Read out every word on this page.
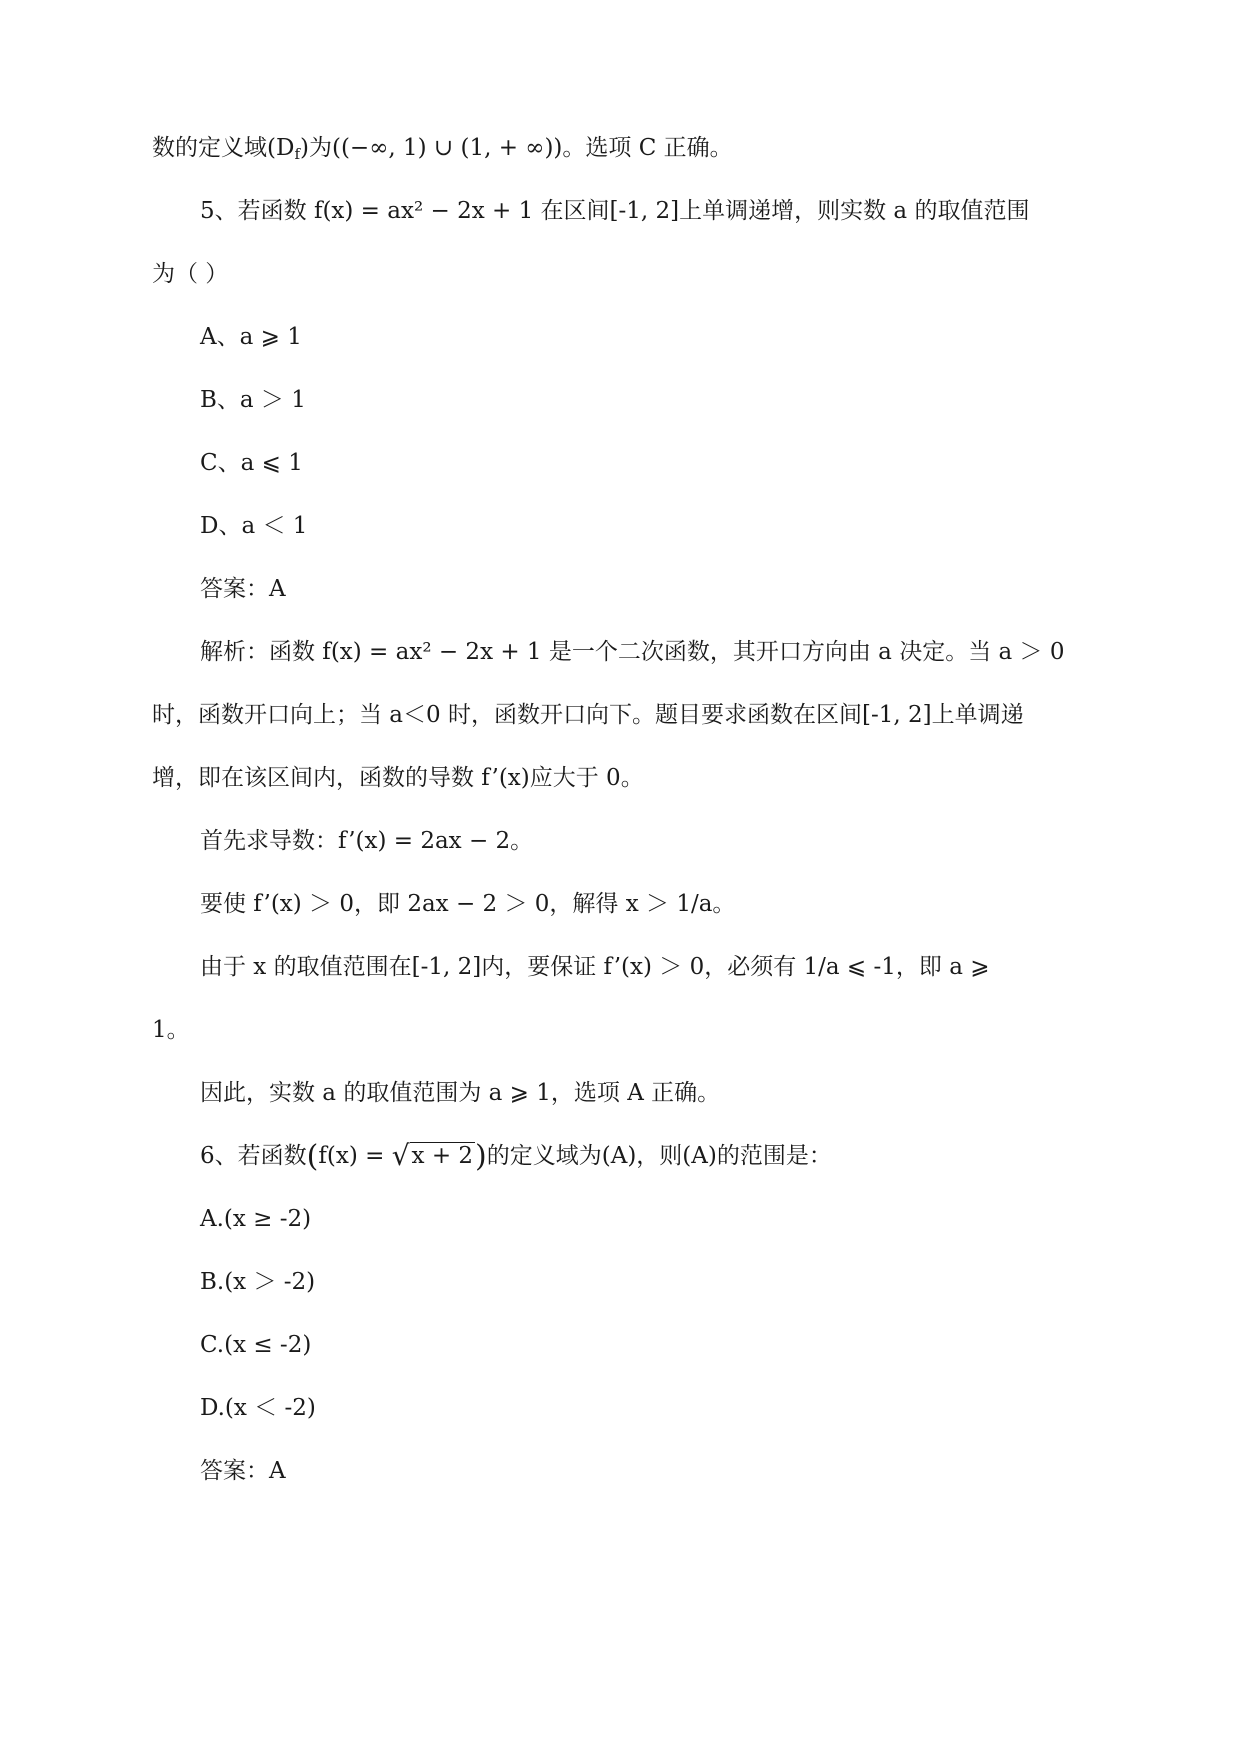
数的定义域$(D_f)$为((−∞, 1) ∪ (1, + ∞))。选项 C 正确。
5、若函数 f(x) = ax² − 2x + 1 在区间[-1, 2]上单调递增，则实数 a 的取值范围
为（ ）
A、a ⩾ 1
B、a ＞ 1
C、a ⩽ 1
D、a ＜ 1
答案：A
解析：函数 f(x) = ax² − 2x + 1 是一个二次函数，其开口方向由 a 决定。当 a ＞ 0
时，函数开口向上；当 a＜0 时，函数开口向下。题目要求函数在区间[-1, 2]上单调递
增，即在该区间内，函数的导数 f’(x)应大于 0。
首先求导数：f’(x) = 2ax − 2。
要使 f’(x) ＞ 0，即 2ax − 2 ＞ 0，解得 x ＞ 1/a。
由于 x 的取值范围在[-1, 2]内，要保证 f’(x) ＞ 0，必须有 1/a ⩽ -1，即 a ⩾
1。
因此，实数 a 的取值范围为 a ⩾ 1，选项 A 正确。
6、若函数(f(x) = √x + 2)的定义域为(A)，则(A)的范围是：
A.(x ≥ -2)
B.(x ＞ -2)
C.(x ≤ -2)
D.(x ＜ -2)
答案：A
